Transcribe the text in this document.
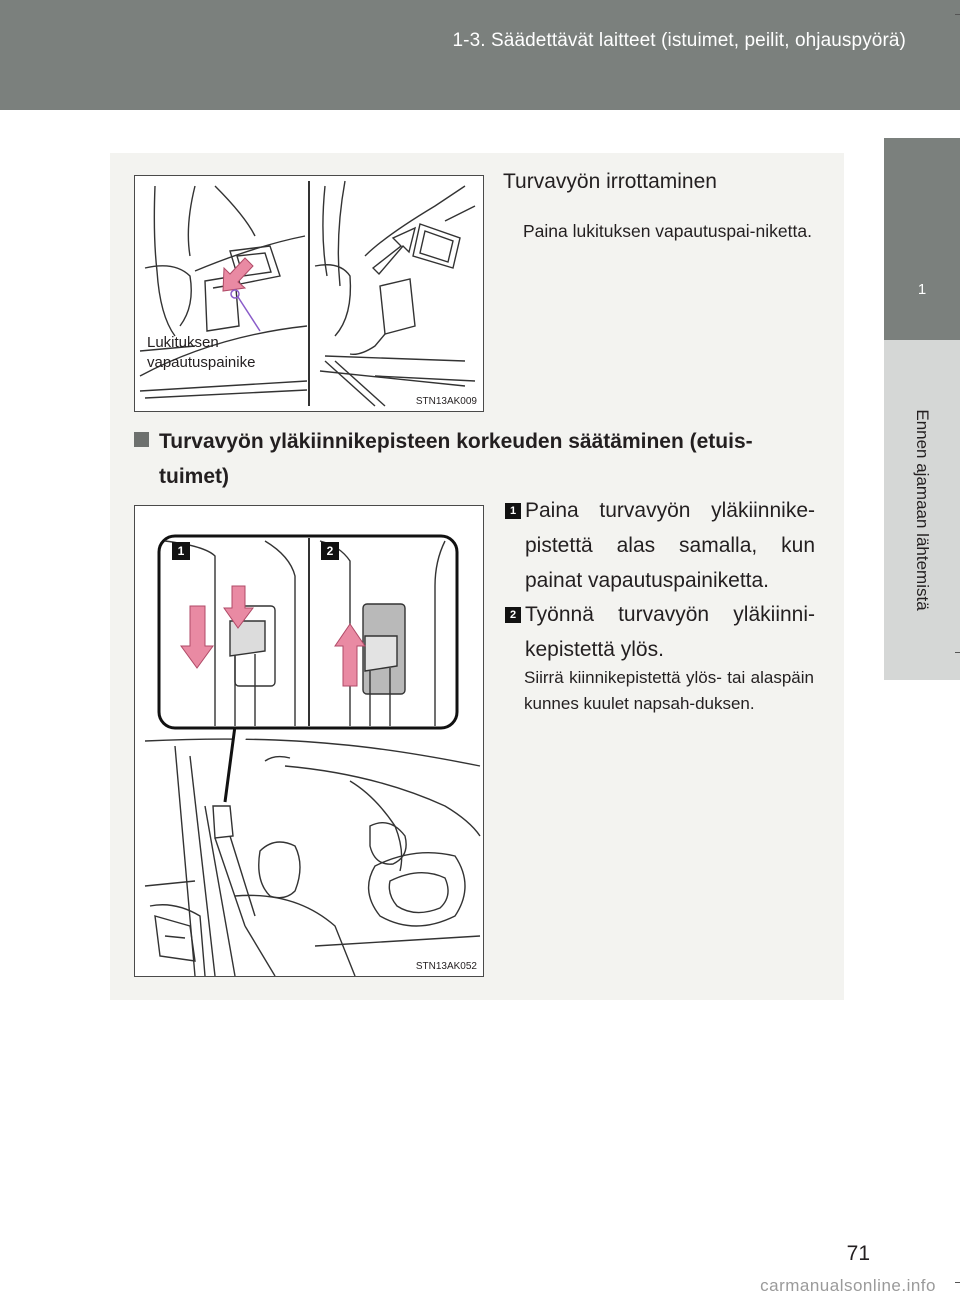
1-3. Säädettävät laitteet (istuimet, peilit, ohjauspyörä)
1
Ennen ajamaan lähtemistä
Lukituksen
vapautuspainike
STN13AK009
Turvavyön irrottaminen
Paina lukituksen vapautuspai-niketta.
Turvavyön yläkiinnikepisteen korkeuden säätäminen (etuis-
tuimet)
1	2
STN13AK052
1 Paina turvavyön yläkiinnike-pistettä alas samalla, kun painat vapautuspainiketta.
2 Työnnä turvavyön yläkiinni-kepistettä ylös.
Siirrä kiinnikepistettä ylös- tai alaspäin kunnes kuulet napsah-duksen.
71
carmanualsonline.info
